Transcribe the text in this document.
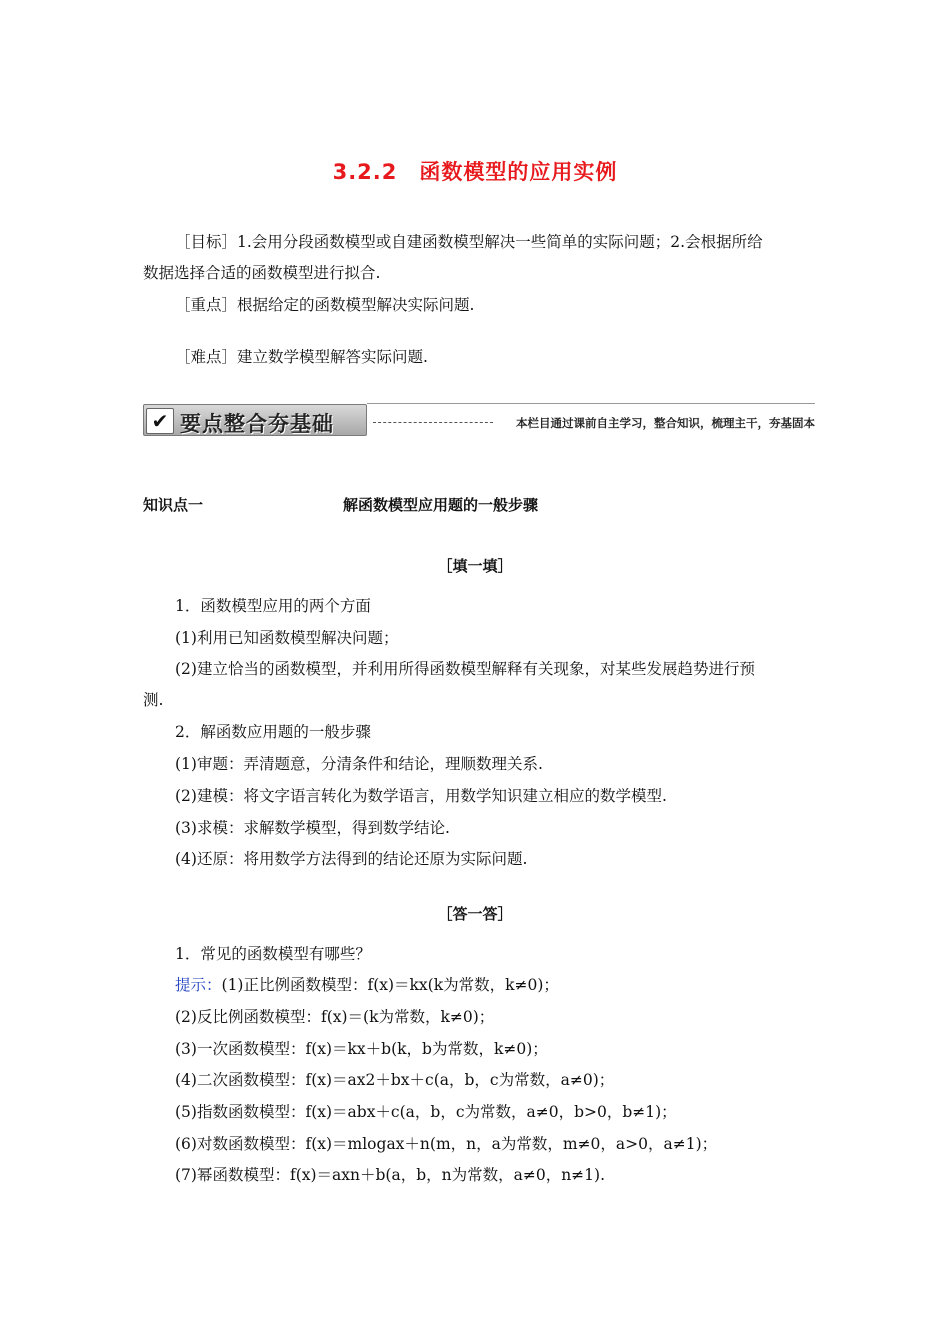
3.2.2　函数模型的应用实例
［目标］1.会用分段函数模型或自建函数模型解决一些简单的实际问题；2.会根据所给
数据选择合适的函数模型进行拟合.
［重点］根据给定的函数模型解决实际问题.
［难点］建立数学模型解答实际问题.
✔ 要点整合夯基础	本栏目通过课前自主学习，整合知识，梳理主干，夯基固本
知识点一	解函数模型应用题的一般步骤
［填一填］
1．函数模型应用的两个方面
(1)利用已知函数模型解决问题；
(2)建立恰当的函数模型，并利用所得函数模型解释有关现象，对某些发展趋势进行预
测.
2．解函数应用题的一般步骤
(1)审题：弄清题意，分清条件和结论，理顺数理关系.
(2)建模：将文字语言转化为数学语言，用数学知识建立相应的数学模型.
(3)求模：求解数学模型，得到数学结论.
(4)还原：将用数学方法得到的结论还原为实际问题.
［答一答］
1．常见的函数模型有哪些？
提示：(1)正比例函数模型：f(x)＝kx(k为常数，k≠0)；
(2)反比例函数模型：f(x)＝(k为常数，k≠0)；
(3)一次函数模型：f(x)＝kx＋b(k，b为常数，k≠0)；
(4)二次函数模型：f(x)＝ax2＋bx＋c(a，b，c为常数，a≠0)；
(5)指数函数模型：f(x)＝abx＋c(a，b，c为常数，a≠0，b>0，b≠1)；
(6)对数函数模型：f(x)＝mlogax＋n(m，n，a为常数，m≠0，a>0，a≠1)；
(7)幂函数模型：f(x)＝axn＋b(a，b，n为常数，a≠0，n≠1).
